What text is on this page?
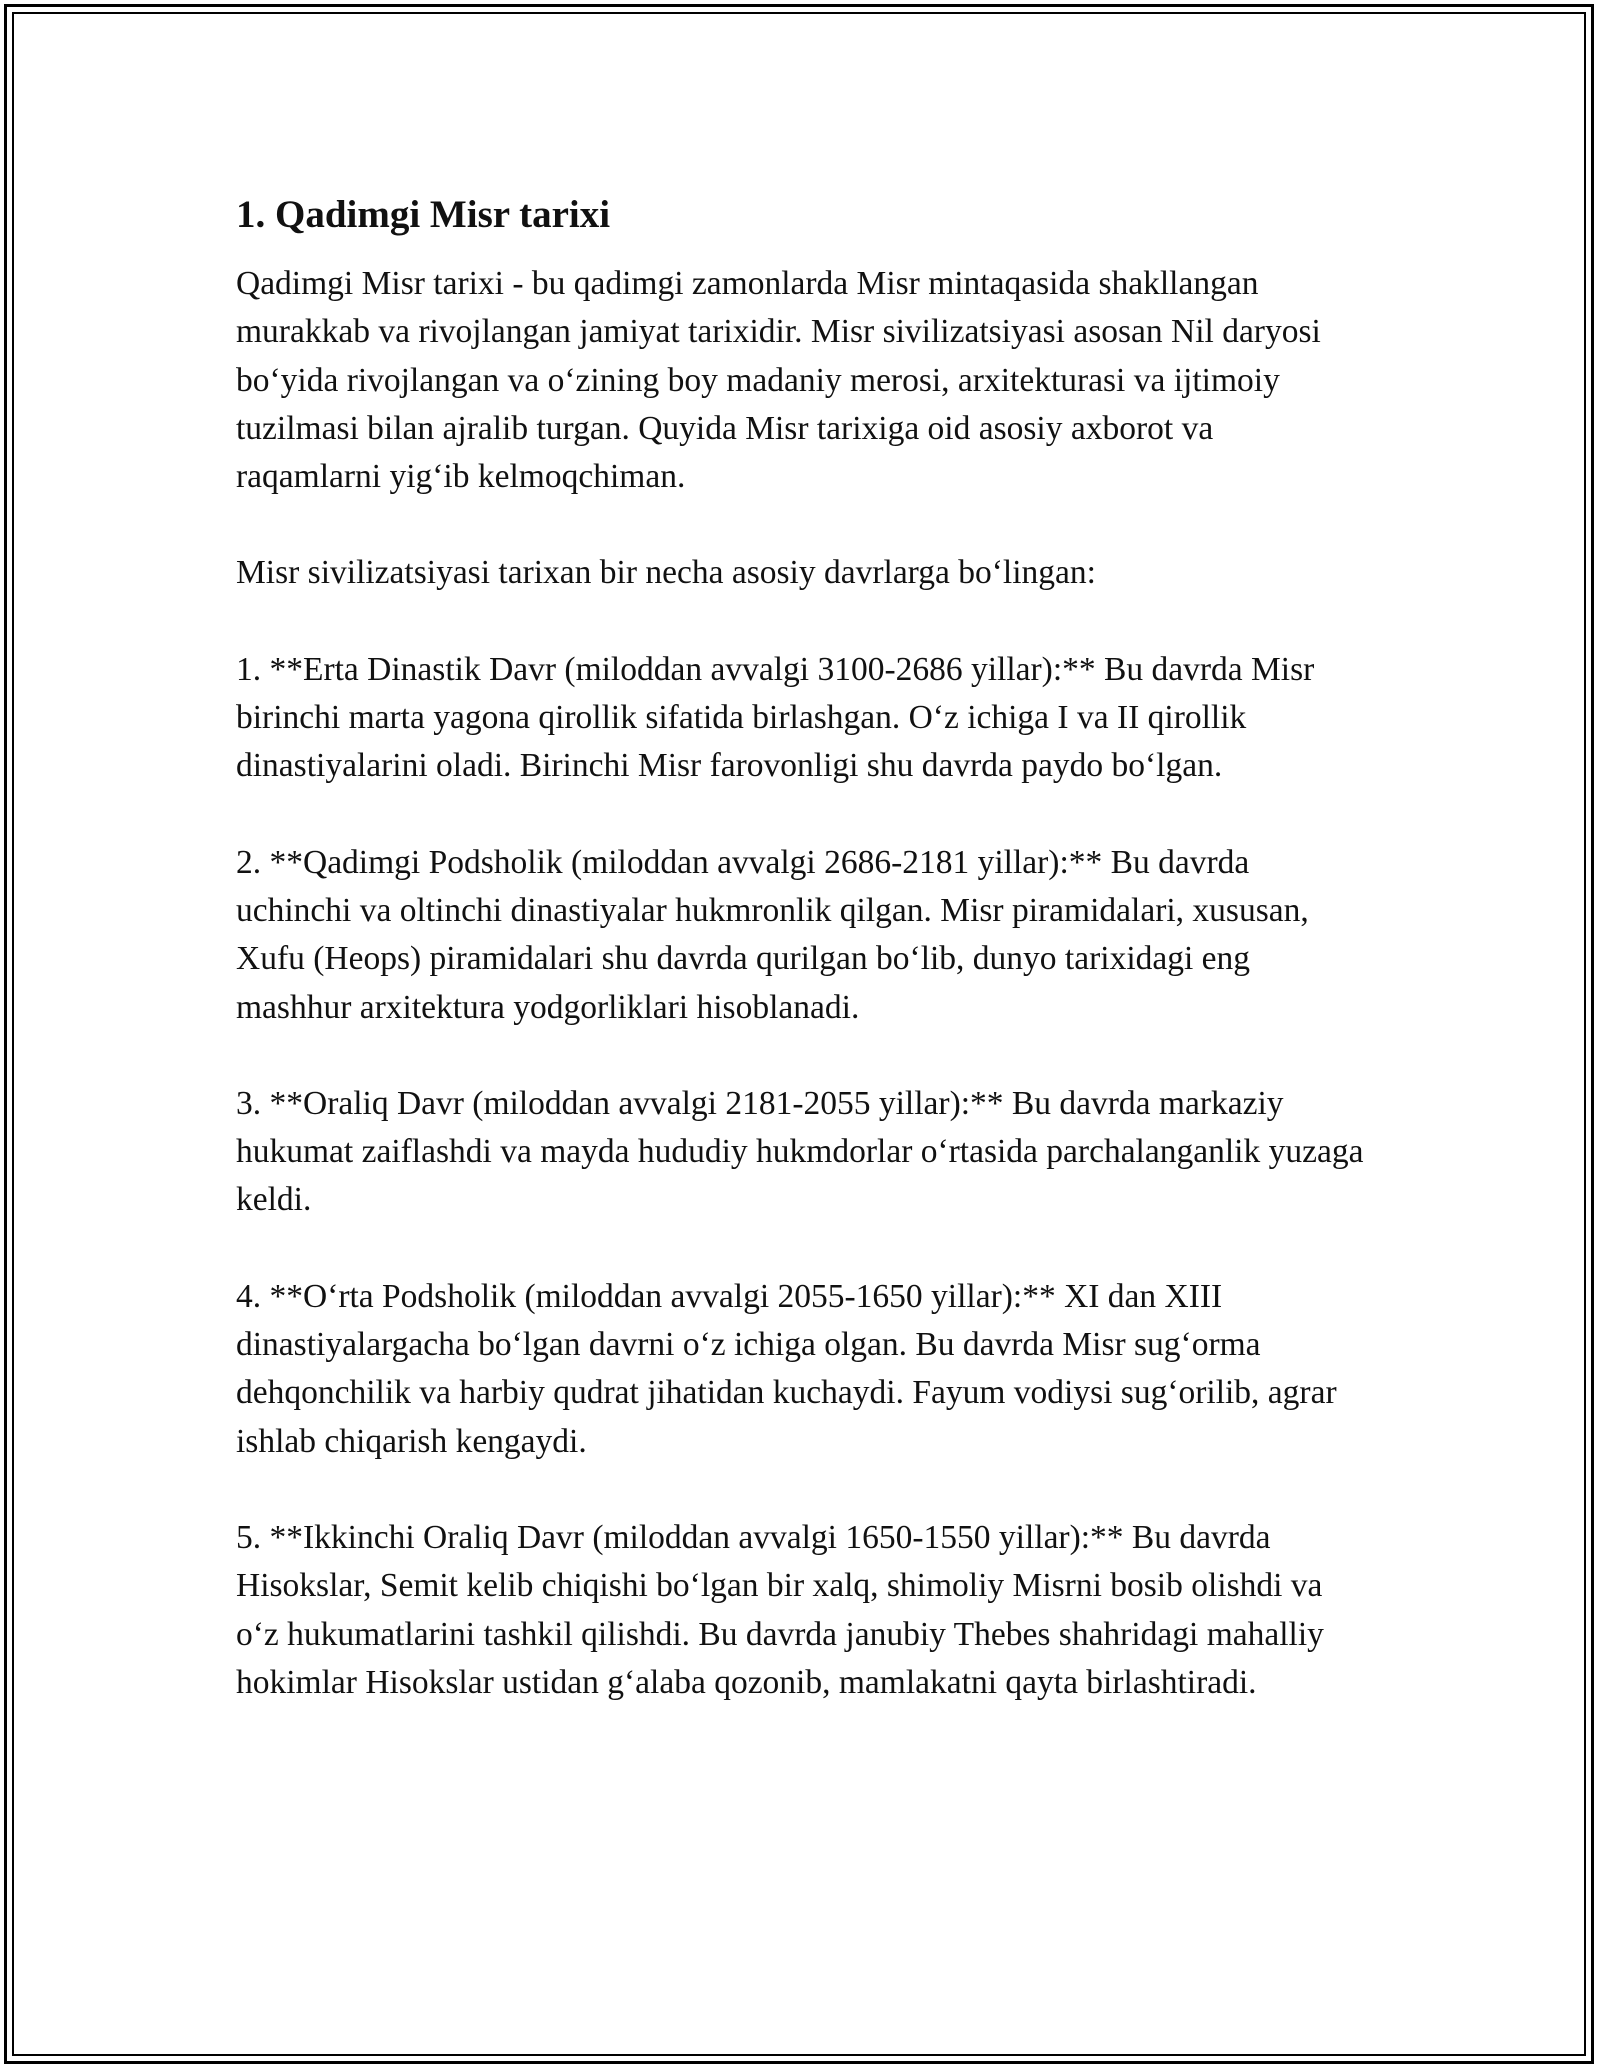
1. Qadimgi Misr tarixi

Qadimgi Misr tarixi - bu qadimgi zamonlarda Misr mintaqasida shakllangan murakkab va rivojlangan jamiyat tarixidir. Misr sivilizatsiyasi asosan Nil daryosi bo‘yida rivojlangan va o‘zining boy madaniy merosi, arxitekturasi va ijtimoiy tuzilmasi bilan ajralib turgan. Quyida Misr tarixiga oid asosiy axborot va raqamlarni yig‘ib kelmoqchiman.

Misr sivilizatsiyasi tarixan bir necha asosiy davrlarga bo‘lingan:

1. **Erta Dinastik Davr (miloddan avvalgi 3100-2686 yillar):** Bu davrda Misr birinchi marta yagona qirollik sifatida birlashgan. O‘z ichiga I va II qirollik dinastiyalarini oladi. Birinchi Misr farovonligi shu davrda paydo bo‘lgan.

2. **Qadimgi Podsholik (miloddan avvalgi 2686-2181 yillar):** Bu davrda uchinchi va oltinchi dinastiyalar hukmronlik qilgan. Misr piramidalari, xususan, Xufu (Heops) piramidalari shu davrda qurilgan bo‘lib, dunyo tarixidagi eng mashhur arxitektura yodgorliklari hisoblanadi.

3. **Oraliq Davr (miloddan avvalgi 2181-2055 yillar):** Bu davrda markaziy hukumat zaiflashdi va mayda hududiy hukmdorlar o‘rtasida parchalanganlik yuzaga keldi.

4. **O‘rta Podsholik (miloddan avvalgi 2055-1650 yillar):** XI dan XIII dinastiyalargacha bo‘lgan davrni o‘z ichiga olgan. Bu davrda Misr sug‘orma dehqonchilik va harbiy qudrat jihatidan kuchaydi. Fayum vodiysi sug‘orilib, agrar ishlab chiqarish kengaydi.

5. **Ikkinchi Oraliq Davr (miloddan avvalgi 1650-1550 yillar):** Bu davrda Hisokslar, Semit kelib chiqishi bo‘lgan bir xalq, shimoliy Misrni bosib olishdi va o‘z hukumatlarini tashkil qilishdi. Bu davrda janubiy Thebes shahridagi mahalliy hokimlar Hisokslar ustidan g‘alaba qozonib, mamlakatni qayta birlashtiradi.
